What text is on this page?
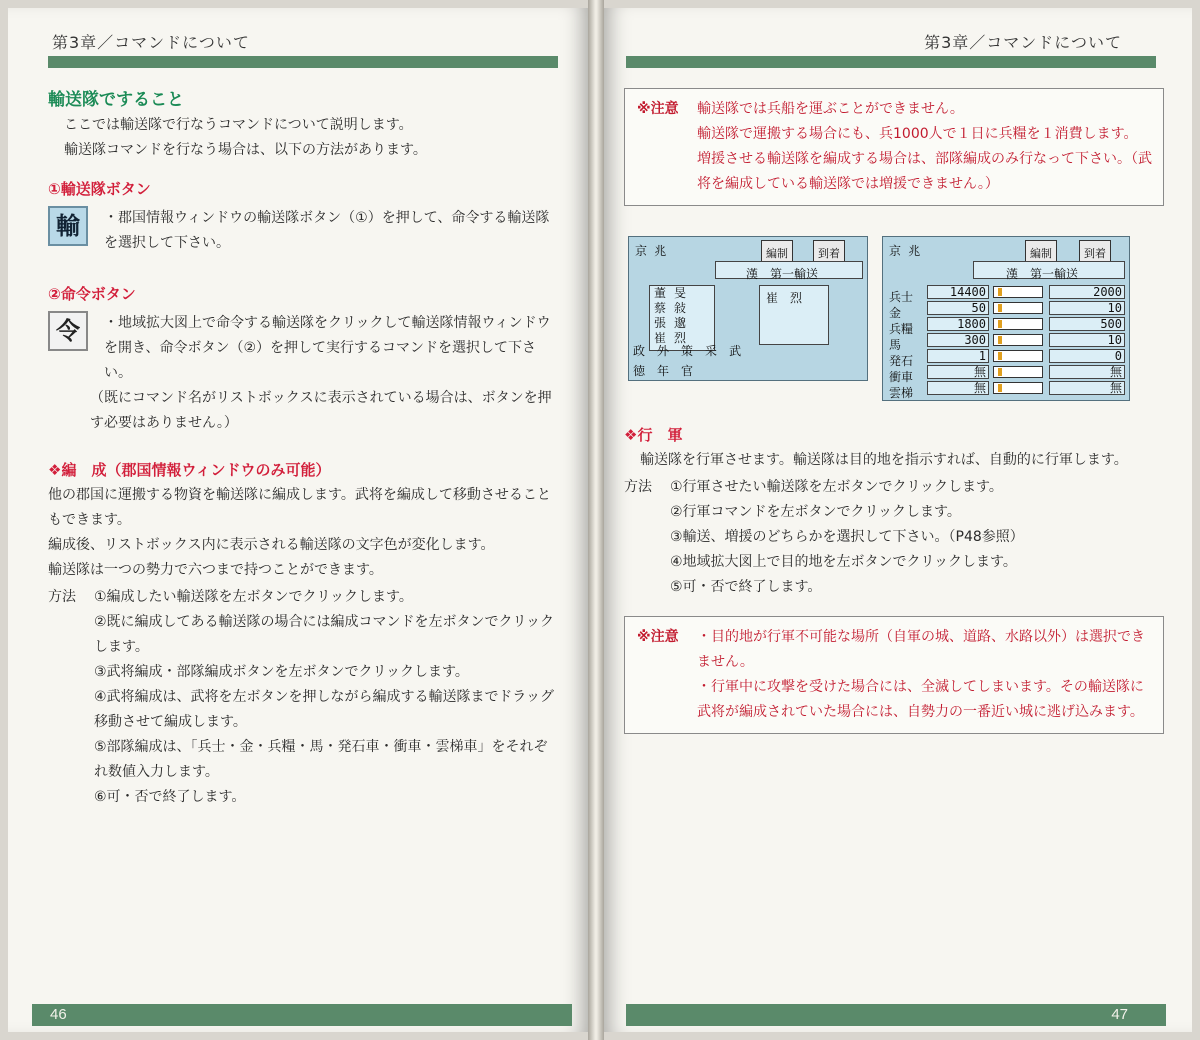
第3章／コマンドについて
輸送隊ですること
ここでは輸送隊で行なうコマンドについて説明します。
輸送隊コマンドを行なう場合は、以下の方法があります。
①輸送隊ボタン
輸	・郡国情報ウィンドウの輸送隊ボタン（①）を押して、命令する輸送隊を選択して下さい。
②命令ボタン
令	・地域拡大図上で命令する輸送隊をクリックして輸送隊情報ウィンドウを開き、命令ボタン（②）を押して実行するコマンドを選択して下さい。
（既にコマンド名がリストボックスに表示されている場合は、ボタンを押す必要はありません。）
❖編　成（郡国情報ウィンドウのみ可能）
他の郡国に運搬する物資を輸送隊に編成します。武将を編成して移動させることもできます。
編成後、リストボックス内に表示される輸送隊の文字色が変化します。
輸送隊は一つの勢力で六つまで持つことができます。
方法	①編成したい輸送隊を左ボタンでクリックします。
②既に編成してある輸送隊の場合には編成コマンドを左ボタンでクリックします。
③武将編成・部隊編成ボタンを左ボタンでクリックします。
④武将編成は、武将を左ボタンを押しながら編成する輸送隊までドラッグ移動させて編成します。
⑤部隊編成は、「兵士・金・兵糧・馬・発石車・衝車・雲梯車」をそれぞれ数値入力します。
⑥可・否で終了します。
46
第3章／コマンドについて
※注意	輸送隊では兵船を運ぶことができません。
輸送隊で運搬する場合にも、兵1000人で１日に兵糧を１消費します。
増援させる輸送隊を編成する場合は、部隊編成のみ行なって下さい。（武将を編成している輸送隊では増援できません。）
京 兆	編制	到着
漢　第一輸送
董
蔡
張
崔
旻
敍
邈
烈
崔　烈
政 外 策 采 武
徳 年 官
京 兆	編制	到着
漢　第一輸送
兵士	14400	2000
金	50	10
兵糧	1800	500
馬	300	10
発石	1	0
衝車	無	無
雲梯	無	無
❖行　軍
輸送隊を行軍させます。輸送隊は目的地を指示すれば、自動的に行軍します。
方法	①行軍させたい輸送隊を左ボタンでクリックします。
②行軍コマンドを左ボタンでクリックします。
③輸送、増援のどちらかを選択して下さい。（P48参照）
④地域拡大図上で目的地を左ボタンでクリックします。
⑤可・否で終了します。
※注意	・目的地が行軍不可能な場所（自軍の城、道路、水路以外）は選択できません。
・行軍中に攻撃を受けた場合には、全滅してしまいます。その輸送隊に武将が編成されていた場合には、自勢力の一番近い城に逃げ込みます。
47
